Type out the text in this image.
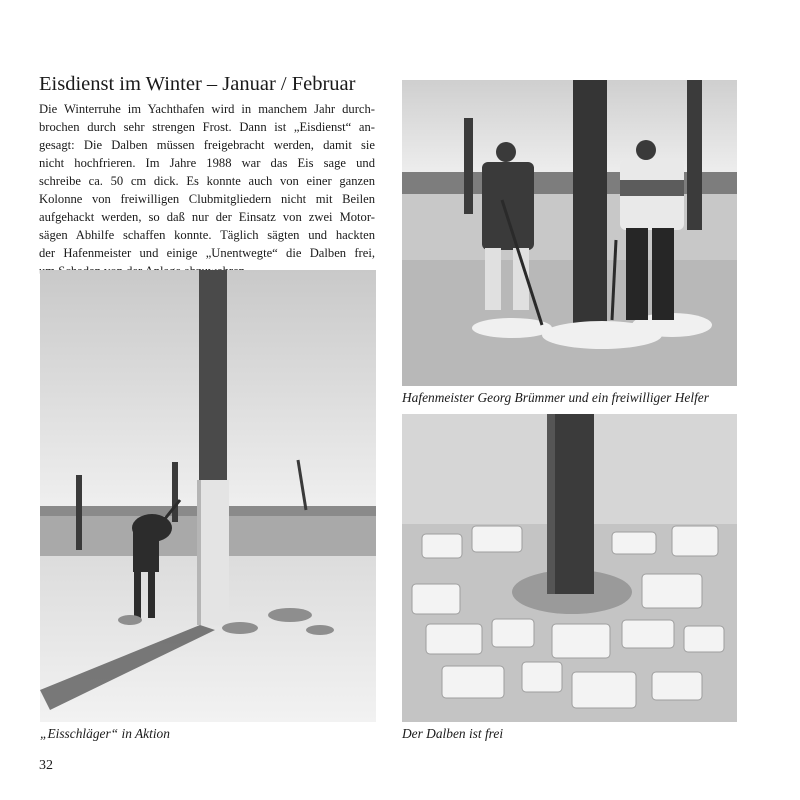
Eisdienst im Winter – Januar / Februar

Die Winterruhe im Yachthafen wird in manchem Jahr durch-
brochen durch sehr strengen Frost. Dann ist „Eisdienst“ an-
gesagt: Die Dalben müssen freigebracht werden, damit sie
nicht hochfrieren. Im Jahre 1988 war das Eis sage und
schreibe ca. 50 cm dick. Es konnte auch von einer ganzen
Kolonne von freiwilligen Clubmitgliedern nicht mit Beilen
aufgehackt werden, so daß nur der Einsatz von zwei Motor-
sägen Abhilfe schaffen konnte. Täglich sägten und hackten
der Hafenmeister und einige „Unentwegte“ die Dalben frei,

„Eisschläger“ in Aktion

Hafenmeister Georg Brümmer und ein freiwilliger Helfer

Der Dalben ist frei

32
